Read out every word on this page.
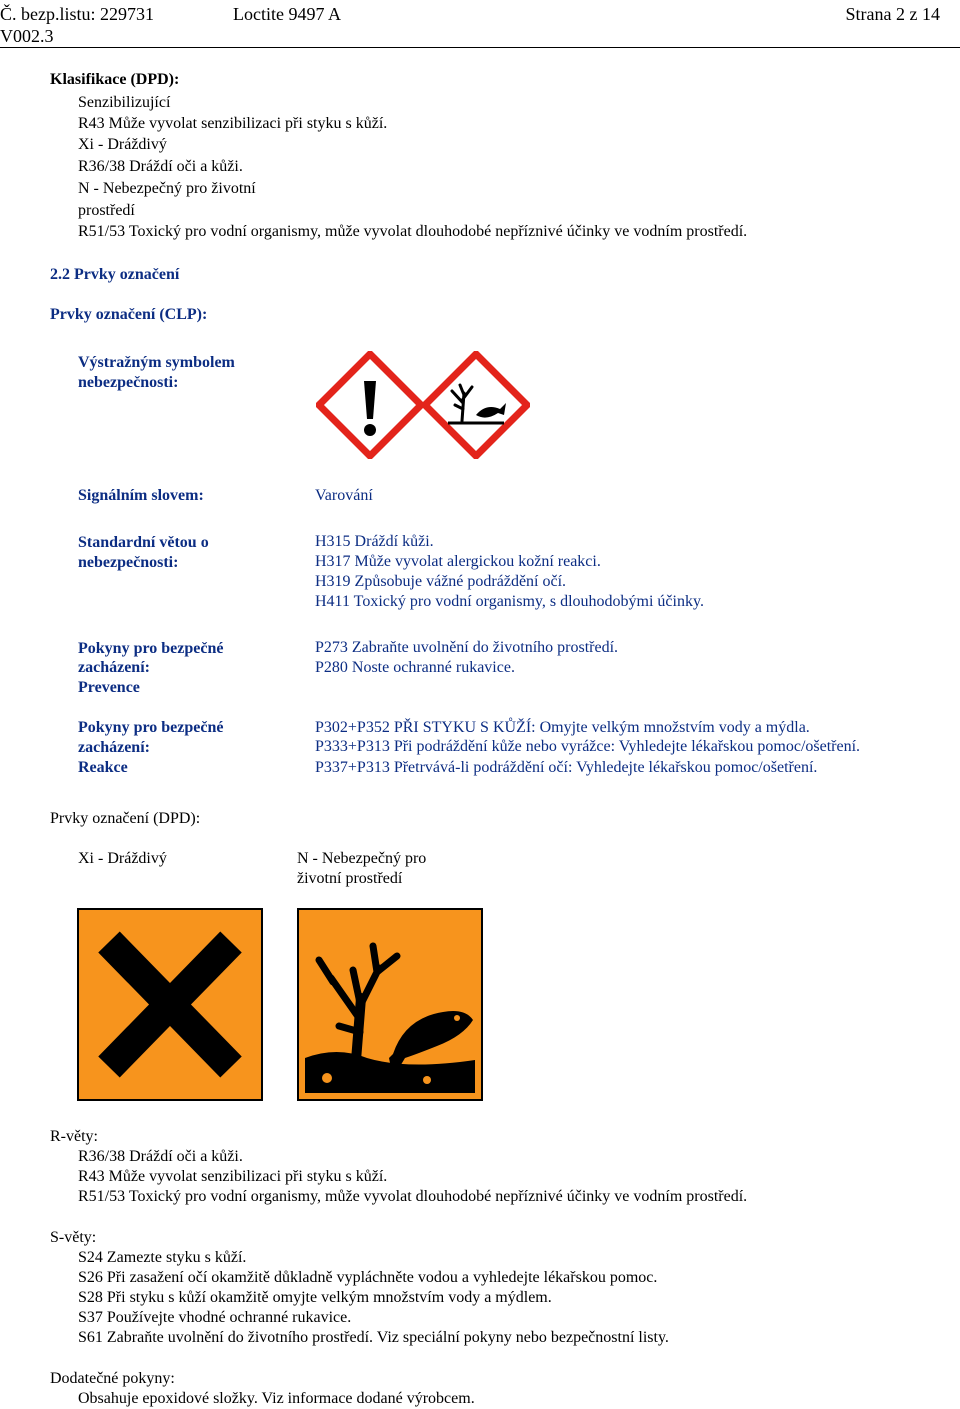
Č. bezp.listu: 229731	Loctite 9497 A	Strana 2 z 14
V002.3
Klasifikace (DPD):
Senzibilizující
R43 Může vyvolat senzibilizaci při styku s kůží.
Xi - Dráždivý
R36/38 Dráždí oči a kůži.
N - Nebezpečný pro životní
prostředí
R51/53 Toxický pro vodní organismy, může vyvolat dlouhodobé nepříznivé účinky ve vodním prostředí.
2.2 Prvky označení
Prvky označení (CLP):
Výstražným symbolem
nebezpečnosti:
Signálním slovem:	Varování
Standardní větou o
nebezpečnosti:
H315 Dráždí kůži.
H317 Může vyvolat alergickou kožní reakci.
H319 Způsobuje vážné podráždění očí.
H411 Toxický pro vodní organismy, s dlouhodobými účinky.
Pokyny pro bezpečné
zacházení:
Prevence
P273 Zabraňte uvolnění do životního prostředí.
P280 Noste ochranné rukavice.
Pokyny pro bezpečné
zacházení:
Reakce
P302+P352 PŘI STYKU S KŮŽÍ: Omyjte velkým množstvím vody a mýdla.
P333+P313 Při podráždění kůže nebo vyrážce: Vyhledejte lékařskou pomoc/ošetření.
P337+P313 Přetrvává-li podráždění očí: Vyhledejte lékařskou pomoc/ošetření.
Prvky označení (DPD):
Xi - Dráždivý	N - Nebezpečný pro
životní prostředí
R-věty:
R36/38 Dráždí oči a kůži.
R43 Může vyvolat senzibilizaci při styku s kůží.
R51/53 Toxický pro vodní organismy, může vyvolat dlouhodobé nepříznivé účinky ve vodním prostředí.
S-věty:
S24 Zamezte styku s kůží.
S26 Při zasažení očí okamžitě důkladně vypláchněte vodou a vyhledejte lékařskou pomoc.
S28 Při styku s kůží okamžitě omyjte velkým množstvím vody a mýdlem.
S37 Používejte vhodné ochranné rukavice.
S61 Zabraňte uvolnění do životního prostředí. Viz speciální pokyny nebo bezpečnostní listy.
Dodatečné pokyny:
Obsahuje epoxidové složky. Viz informace dodané výrobcem.
